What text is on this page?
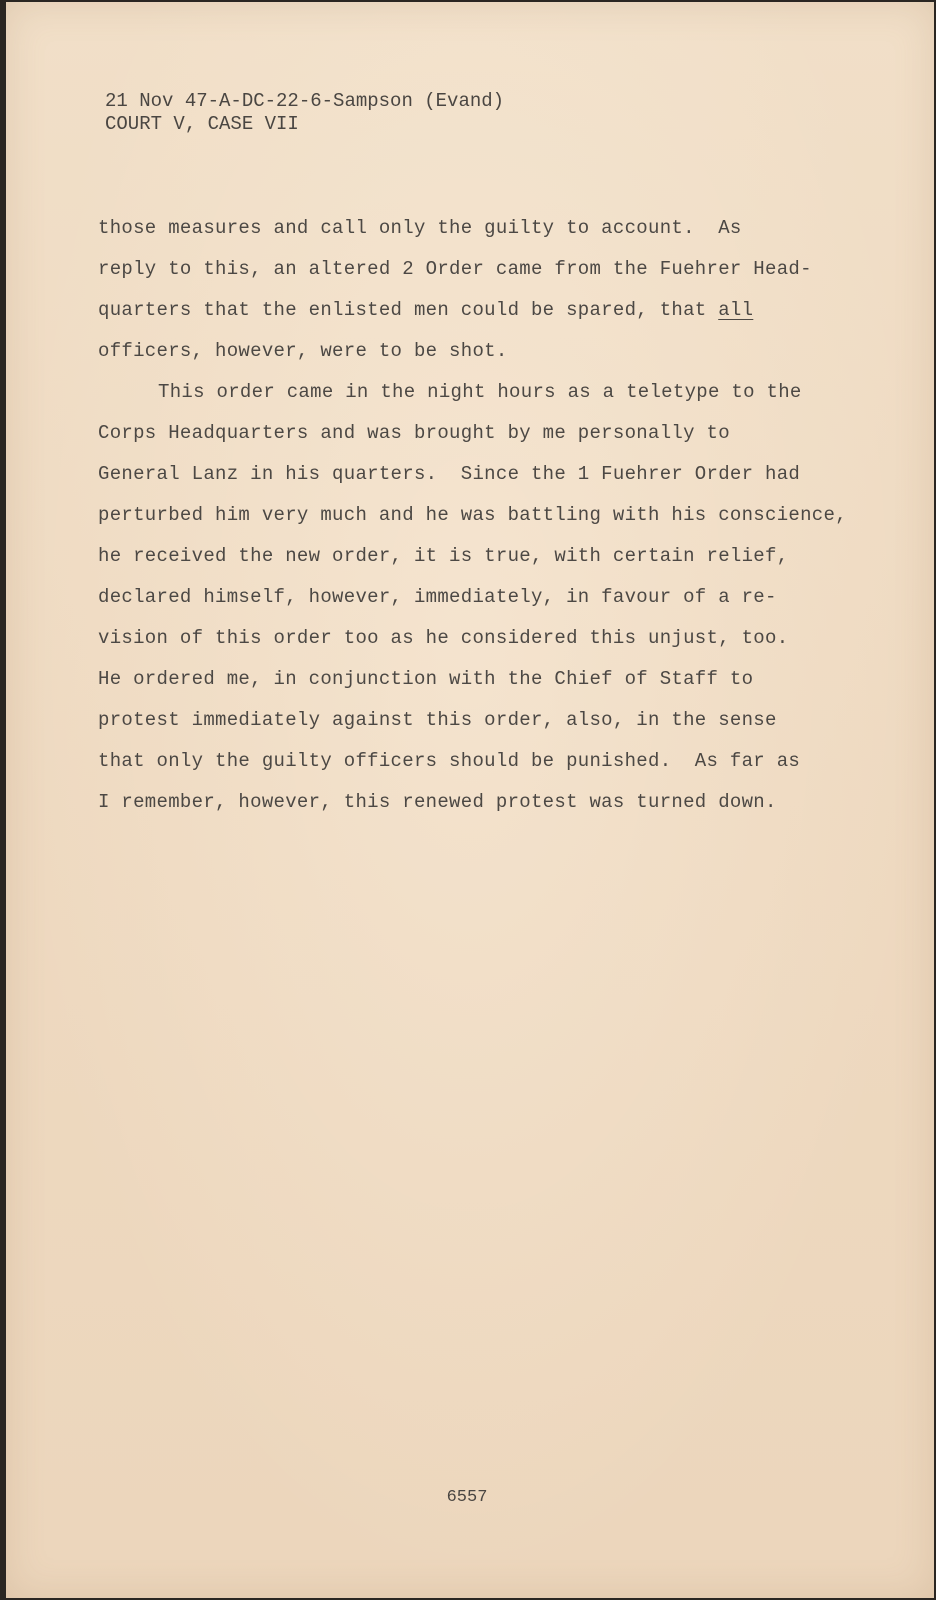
21 Nov 47-A-DC-22-6-Sampson (Evand)
COURT V, CASE VII
those measures and call only the guilty to account.  As
reply to this, an altered 2 Order came from the Fuehrer Head-
quarters that the enlisted men could be spared, that all
officers, however, were to be shot.
This order came in the night hours as a teletype to the
Corps Headquarters and was brought by me personally to
General Lanz in his quarters.  Since the 1 Fuehrer Order had
perturbed him very much and he was battling with his conscience,
he received the new order, it is true, with certain relief,
declared himself, however, immediately, in favour of a re-
vision of this order too as he considered this unjust, too.
He ordered me, in conjunction with the Chief of Staff to
protest immediately against this order, also, in the sense
that only the guilty officers should be punished.  As far as
I remember, however, this renewed protest was turned down.
6557
